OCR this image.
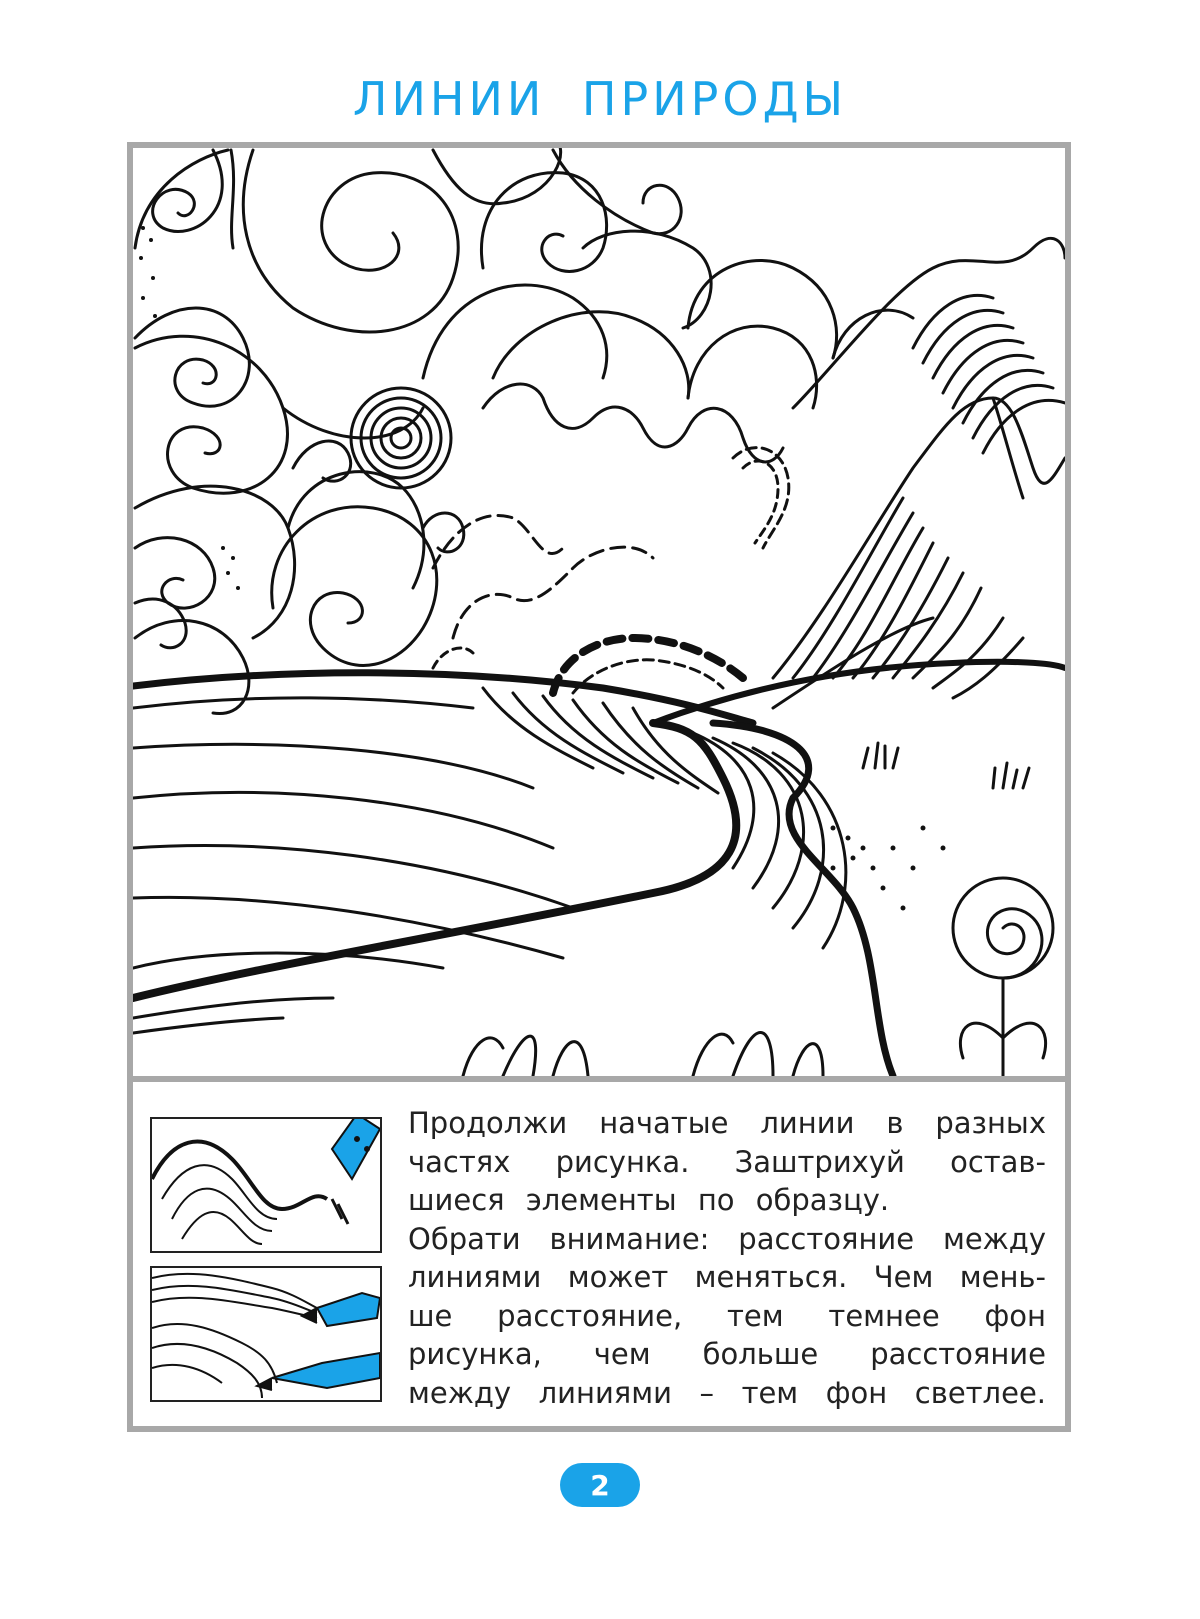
ЛИНИИ ПРИРОДЫ

Продолжи начатые линии в разных

частях рисунка. Заштрихуй остав-

шиеся элементы по образцу.

Обрати внимание: расстояние между

линиями может меняться. Чем мень-

ше расстояние, тем темнее фон

рисунка, чем больше расстояние

между линиями – тем фон светлее.

2
